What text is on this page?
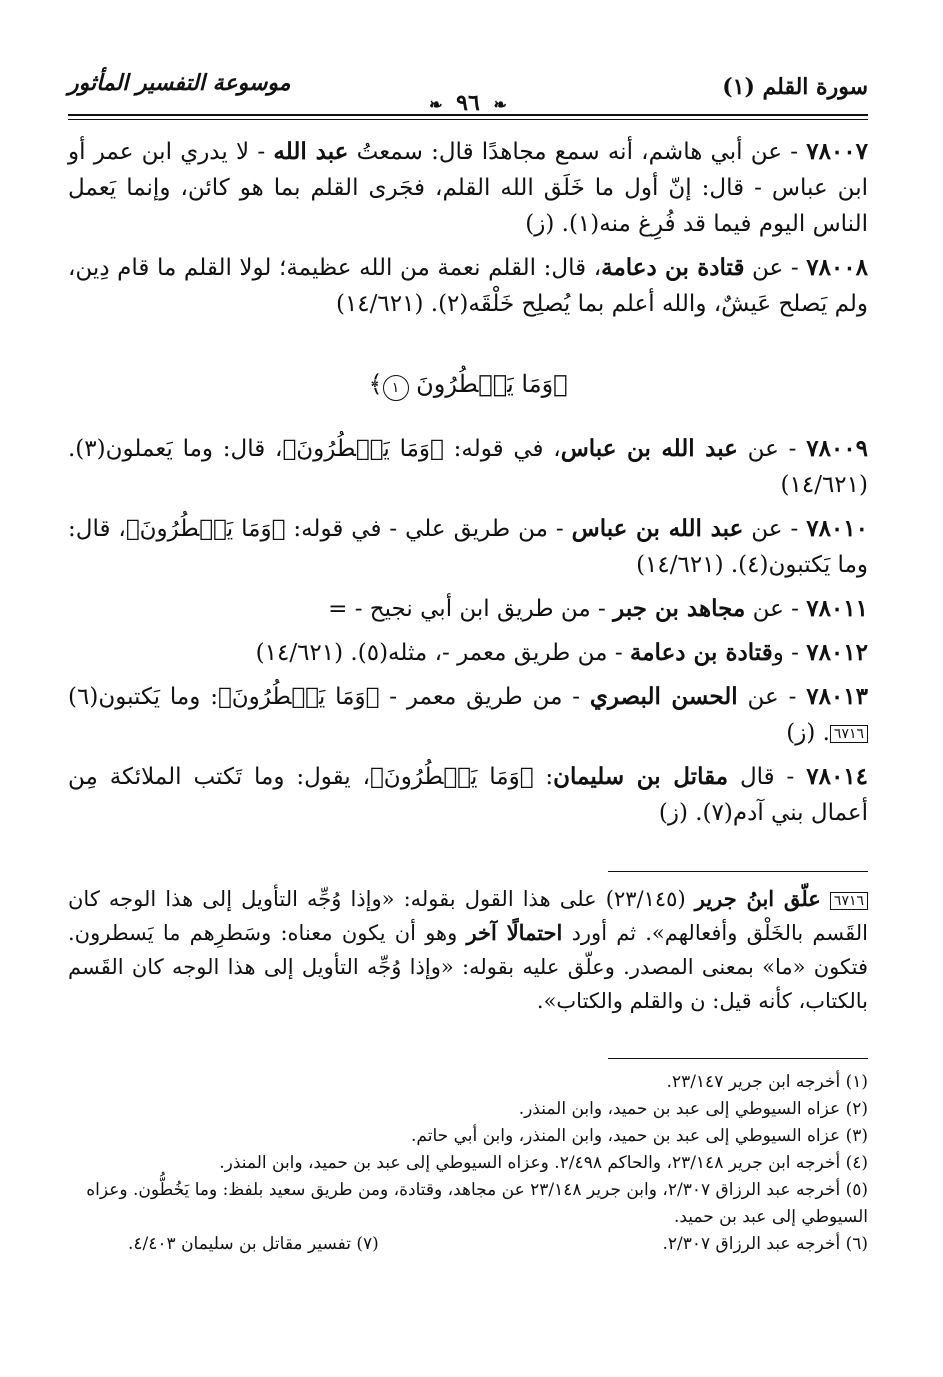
سورة القلم (١)
موسوعة التفسير المأثور
❧ ٩٦ ❧

٧٨٠٠٧ - عن أبي هاشم، أنه سمع مجاهدًا قال: سمعتُ عبد الله - لا يدري ابن عمر أو ابن عباس - قال: إنّ أول ما خَلَق الله القلم، فجَرى القلم بما هو كائن، وإنما يَعمل الناس اليوم فيما قد فُرِغ منه(١). (ز)

٧٨٠٠٨ - عن قتادة بن دعامة، قال: القلم نعمة من الله عظيمة؛ لولا القلم ما قام دِين، ولم يَصلح عَيشٌ، والله أعلم بما يُصلِح خَلْقَه(٢). (١٤/٦٢١)

﴿وَمَا يَسۡطُرُونَ ١﴾

٧٨٠٠٩ - عن عبد الله بن عباس، في قوله: ﴿وَمَا يَسۡطُرُونَ﴾، قال: وما يَعملون(٣). (١٤/٦٢١)

٧٨٠١٠ - عن عبد الله بن عباس - من طريق علي - في قوله: ﴿وَمَا يَسۡطُرُونَ﴾، قال: وما يَكتبون(٤). (١٤/٦٢١)

٧٨٠١١ - عن مجاهد بن جبر - من طريق ابن أبي نجيح - =

٧٨٠١٢ - وقتادة بن دعامة - من طريق معمر -، مثله(٥). (١٤/٦٢١)

٧٨٠١٣ - عن الحسن البصري - من طريق معمر - ﴿وَمَا يَسۡطُرُونَ﴾: وما يَكتبون(٦)٦٧١٦. (ز)

٧٨٠١٤ - قال مقاتل بن سليمان: ﴿وَمَا يَسۡطُرُونَ﴾، يقول: وما تَكتب الملائكة مِن أعمال بني آدم(٧). (ز)

٦٧١٦ علّق ابنُ جرير (٢٣/١٤٥) على هذا القول بقوله: «وإذا وُجِّه التأويل إلى هذا الوجه كان القَسم بالخَلْق وأفعالهم». ثم أورد احتمالًا آخر وهو أن يكون معناه: وسَطرِهم ما يَسطرون. فتكون «ما» بمعنى المصدر. وعلّق عليه بقوله: «وإذا وُجِّه التأويل إلى هذا الوجه كان القَسم بالكتاب، كأنه قيل: ن والقلم والكتاب».

(١) أخرجه ابن جرير ٢٣/١٤٧.

(٢) عزاه السيوطي إلى عبد بن حميد، وابن المنذر.

(٣) عزاه السيوطي إلى عبد بن حميد، وابن المنذر، وابن أبي حاتم.

(٤) أخرجه ابن جرير ٢٣/١٤٨، والحاكم ٢/٤٩٨. وعزاه السيوطي إلى عبد بن حميد، وابن المنذر.

(٥) أخرجه عبد الرزاق ٢/٣٠٧، وابن جرير ٢٣/١٤٨ عن مجاهد، وقتادة، ومن طريق سعيد بلفظ: وما يَخُطُّون. وعزاه السيوطي إلى عبد بن حميد.

(٦) أخرجه عبد الرزاق ٢/٣٠٧.
(٧) تفسير مقاتل بن سليمان ٤/٤٠٣.
